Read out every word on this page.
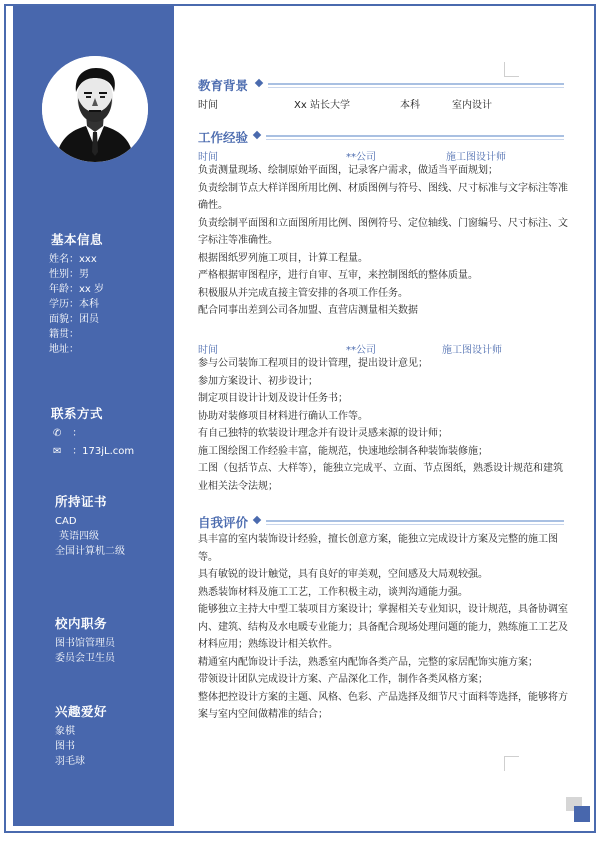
基本信息
姓名：xxx
性别：男
年龄：xx 岁
学历：本科
面貌：团员
籍贯：
地址：
联系方式
✆ ：
✉ ：173jL.com
所持证书
CAD
英语四级
全国计算机二级
校内职务
图书馆管理员
委员会卫生员
兴趣爱好
象棋
图书
羽毛球
教育背景
时间	Xx 站长大学	本科	室内设计
工作经验
时间	**公司	施工图设计师
负责测量现场、绘制原始平面图，记录客户需求，做适当平面规划；
负责绘制节点大样详图所用比例、材质图例与符号、图线、尺寸标准与文字标注等准确性。
负责绘制平面图和立面图所用比例、图例符号、定位轴线、门窗编号、尺寸标注、文字标注等准确性。
根据图纸罗列施工项目，计算工程量。
严格根据审图程序，进行自审、互审，来控制图纸的整体质量。
积极服从并完成直接主管安排的各项工作任务。
配合同事出差到公司各加盟、直营店测量相关数据
时间	**公司	施工图设计师
参与公司装饰工程项目的设计管理，提出设计意见；
参加方案设计、初步设计；
制定项目设计计划及设计任务书；
协助对装修项目材料进行确认工作等。
有自己独特的软装设计理念并有设计灵感来源的设计师；
施工图绘图工作经验丰富，能规范，快速地绘制各种装饰装修施；
工图（包括节点、大样等），能独立完成平、立面、节点图纸，熟悉设计规范和建筑业相关法令法规；
自我评价
具丰富的室内装饰设计经验，擅长创意方案，能独立完成设计方案及完整的施工图等。
具有敏锐的设计触觉，具有良好的审美观，空间感及大局观较强。
熟悉装饰材料及施工工艺，工作积极主动，谈判沟通能力强。
能够独立主持大中型工装项目方案设计；掌握相关专业知识，设计规范，具备协调室内、建筑、结构及水电暖专业能力；具备配合现场处理问题的能力，熟练施工工艺及材料应用；熟练设计相关软件。
精通室内配饰设计手法，熟悉室内配饰各类产品，完整的家居配饰实施方案；
带领设计团队完成设计方案、产品深化工作，制作各类风格方案；
整体把控设计方案的主题、风格、色彩、产品选择及细节尺寸面料等选择，能够将方案与室内空间做精准的结合；
